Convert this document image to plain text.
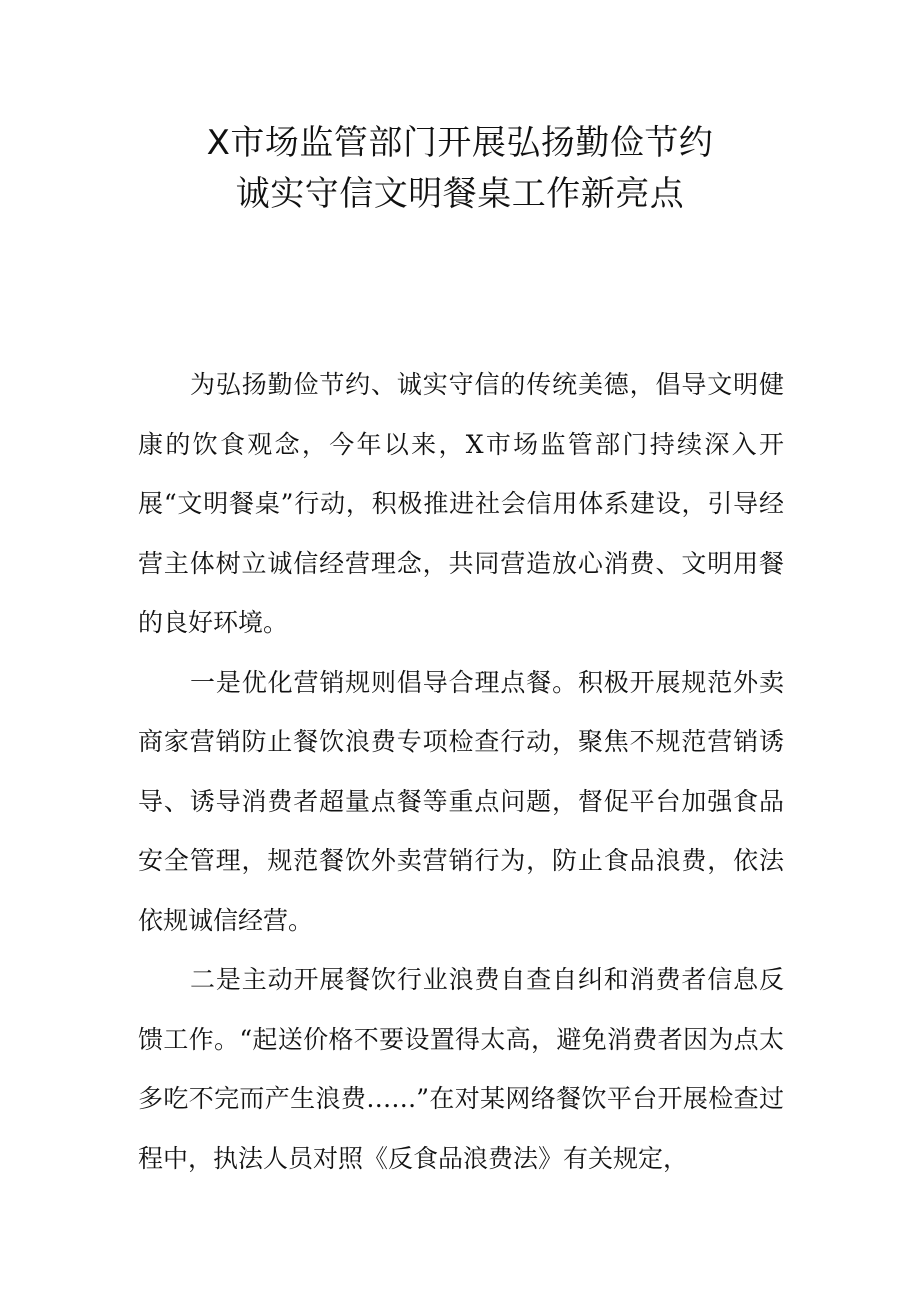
X市场监管部门开展弘扬勤俭节约
诚实守信文明餐桌工作新亮点

为弘扬勤俭节约、诚实守信的传统美德，倡导文明健康的饮食观念，今年以来，X市场监管部门持续深入开展“文明餐桌”行动，积极推进社会信用体系建设，引导经营主体树立诚信经营理念，共同营造放心消费、文明用餐的良好环境。

一是优化营销规则倡导合理点餐。积极开展规范外卖商家营销防止餐饮浪费专项检查行动，聚焦不规范营销诱导、诱导消费者超量点餐等重点问题，督促平台加强食品安全管理，规范餐饮外卖营销行为，防止食品浪费，依法依规诚信经营。

二是主动开展餐饮行业浪费自查自纠和消费者信息反馈工作。“起送价格不要设置得太高，避免消费者因为点太多吃不完而产生浪费……”在对某网络餐饮平台开展检查过程中，执法人员对照《反食品浪费法》有关规定，
